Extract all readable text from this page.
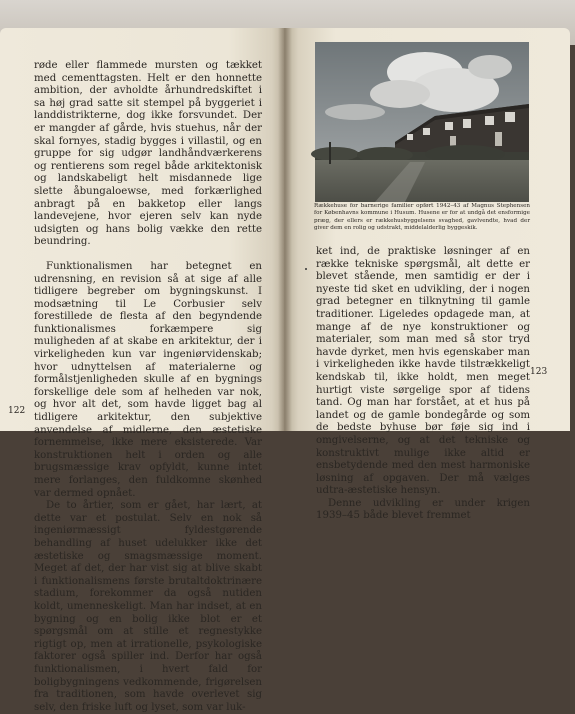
røde eller flammede mursten og tækket med cementtagsten. Helt er den honnette ambition, der avholdte århundredskiftet i sa høj grad satte sit stempel på byggeriet i landdistrikterne, dog ikke forsvundet. Der er mangder af gårde, hvis stuehus, når der skal fornyes, stadig bygges i villastil, og en gruppe for sig udgør landhåndværkerens og rentierens som regel både arkitektonisk og landskabeligt helt misdannede lige slette åbungaloewse, med forkærlighed anbragt på en bakketop eller langs landevejene, hvor ejeren selv kan nyde udsigten og hans bolig vække den rette beundring.

Funktionalismen har betegnet en udrensning, en revision så at sige af alle tidligere begreber om bygningskunst. I modsætning til Le Corbusier selv forestillede de flesta af den begyndende funktionalismes forkæmpere sig muligheden af at skabe en arkitektur, der i virkeligheden kun var ingeniørvidenskab; hvor udnyttelsen af materialerne og formålstjenligheden skulle af en bygnings forskellige dele som af helheden var nok, og hvor alt det, som havde ligget bag al tidligere arkitektur, den subjektive anvendelse af midlerne, den æstetiske fornemmelse, ikke mere eksisterede. Var konstruktionen helt i orden og alle brugsmæssige krav opfyldt, kunne intet mere forlanges, den fuldkomne skønhed var dermed opnået.

De to årtier, som er gået, har lært, at dette var et postulat. Selv en nok så ingeniørmæssigt fyldestgørende behandling af huset udelukker ikke det æstetiske og smagsmæssige moment. Meget af det, der har vist sig at blive skabt i funktionalismens første brutaltdoktrinære stadium, forekommer da også nutiden koldt, umenneskeligt. Man har indset, at en bygning og en bolig ikke blot er et spørgsmål om at stille et regnestykke rigtigt op, men at irrationelle, psykologiske faktorer også spiller ind. Derfor har også funktionalismen, i hvert fald for boligbygningens vedkommende, frigørelsen fra traditionen, som havde overlevet sig selv, den friske luft og lyset, som var luk-

122

Rækkehuse for barnerige familier opført 1942–43 af Magnus Stephensen for Københavns kommune i Husum. Husene er for at undgå det ensformige præg, der ellers er rækkehusbyggelsens svaghed, gavlvendte, hvad der giver dem en rolig og udstrakt, middelalderlig byggeskik.

ket ind, de praktiske løsninger af en række tekniske spørgsmål, alt dette er blevet stående, men samtidig er der i nyeste tid sket en udvikling, der i nogen grad betegner en tilknytning til gamle traditioner. Ligeledes opdagede man, at mange af de nye konstruktioner og materialer, som man med så stor tryd havde dyrket, men hvis egenskaber man i virkeligheden ikke havde tilstrækkeligt kendskab til, ikke holdt, men meget hurtigt viste sørgelige spor af tidens tand. Og man har forstået, at et hus på landet og de gamle bondegårde og som de bedste byhuse bør føje sig ind i omgivelserne, og at det tekniske og konstruktivt mulige ikke altid er ensbetydende med den mest harmoniske løsning af opgaven. Der må vælges udtra-æstetiske hensyn.

Denne udvikling er under krigen 1939–45 både blevet fremmet

123
